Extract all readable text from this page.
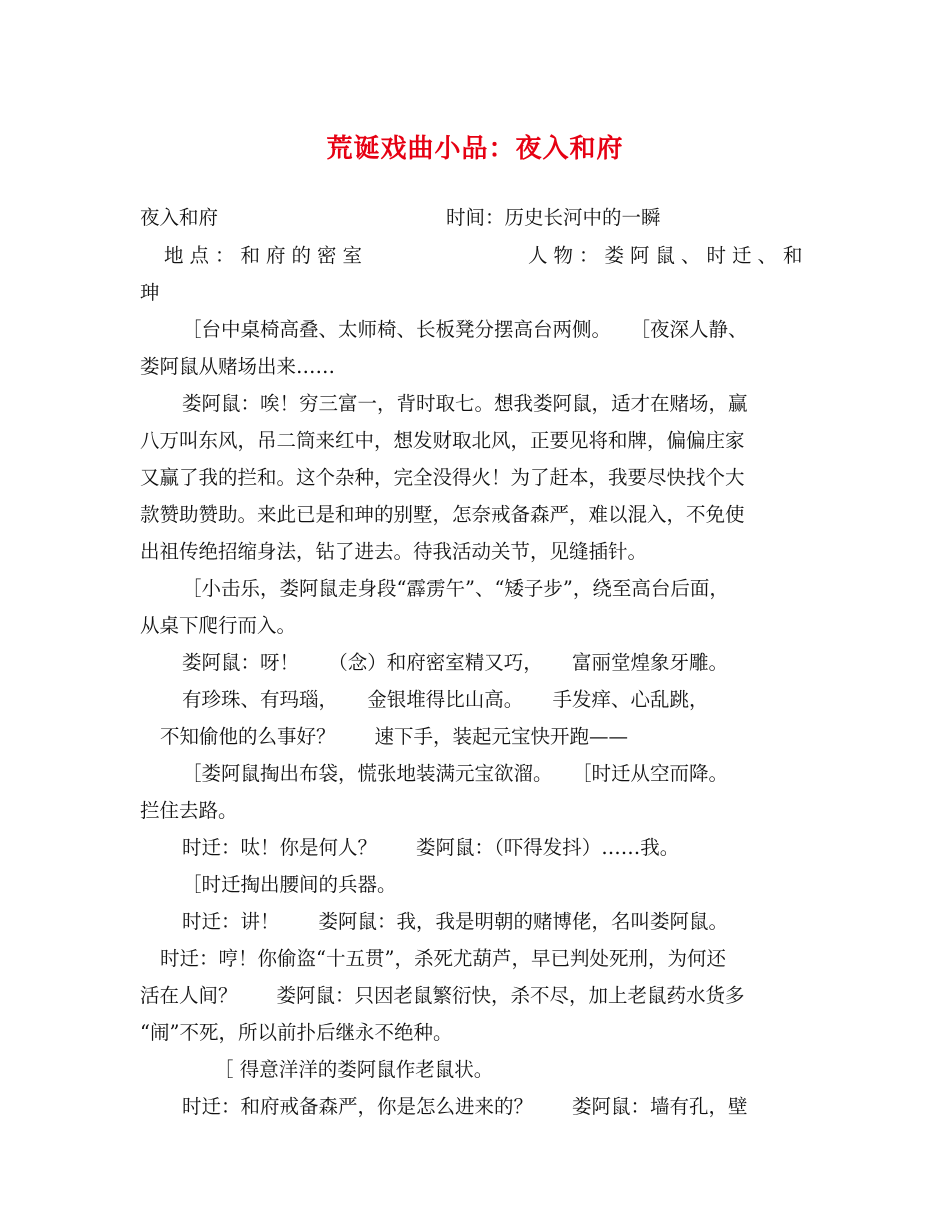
荒诞戏曲小品：夜入和府
夜入和府	时间：历史长河中的一瞬
地点：和府的密室	人物：娄阿鼠、时迁、和
珅
［台中桌椅高叠、太师椅、长板凳分摆高台两侧。　　［夜深人静、
娄阿鼠从赌场出来……
娄阿鼠：唉！穷三富一，背时取七。想我娄阿鼠，适才在赌场，赢
八万叫东风，吊二筒来红中，想发财取北风，正要见将和牌，偏偏庄家
又赢了我的拦和。这个杂种，完全没得火！为了赶本，我要尽快找个大
款赞助赞助。来此已是和珅的别墅，怎奈戒备森严，难以混入，不免使
出祖传绝招缩身法，钻了进去。待我活动关节，见缝插针。
［小击乐，娄阿鼠走身段“霹雳午”、“矮子步”，绕至高台后面，
从桌下爬行而入。
娄阿鼠：呀！　　（念）和府密室精又巧，　　富丽堂煌象牙雕。
有珍珠、有玛瑙，　　金银堆得比山高。　　手发痒、心乱跳，
不知偷他的么事好？　　速下手，装起元宝快开跑——
［娄阿鼠掏出布袋，慌张地装满元宝欲溜。　　［时迁从空而降。
拦住去路。
时迁：呔！你是何人？　　娄阿鼠：（吓得发抖）……我。
［时迁掏出腰间的兵器。
时迁：讲！　　娄阿鼠：我，我是明朝的赌博佬，名叫娄阿鼠。
时迁：哼！你偷盗“十五贯”，杀死尤葫芦，早已判处死刑，为何还
活在人间？　　娄阿鼠：只因老鼠繁衍快，杀不尽，加上老鼠药水货多
“闹”不死，所以前扑后继永不绝种。
［ 得意洋洋的娄阿鼠作老鼠状。
时迁：和府戒备森严，你是怎么进来的？　　娄阿鼠：墙有孔，壁
